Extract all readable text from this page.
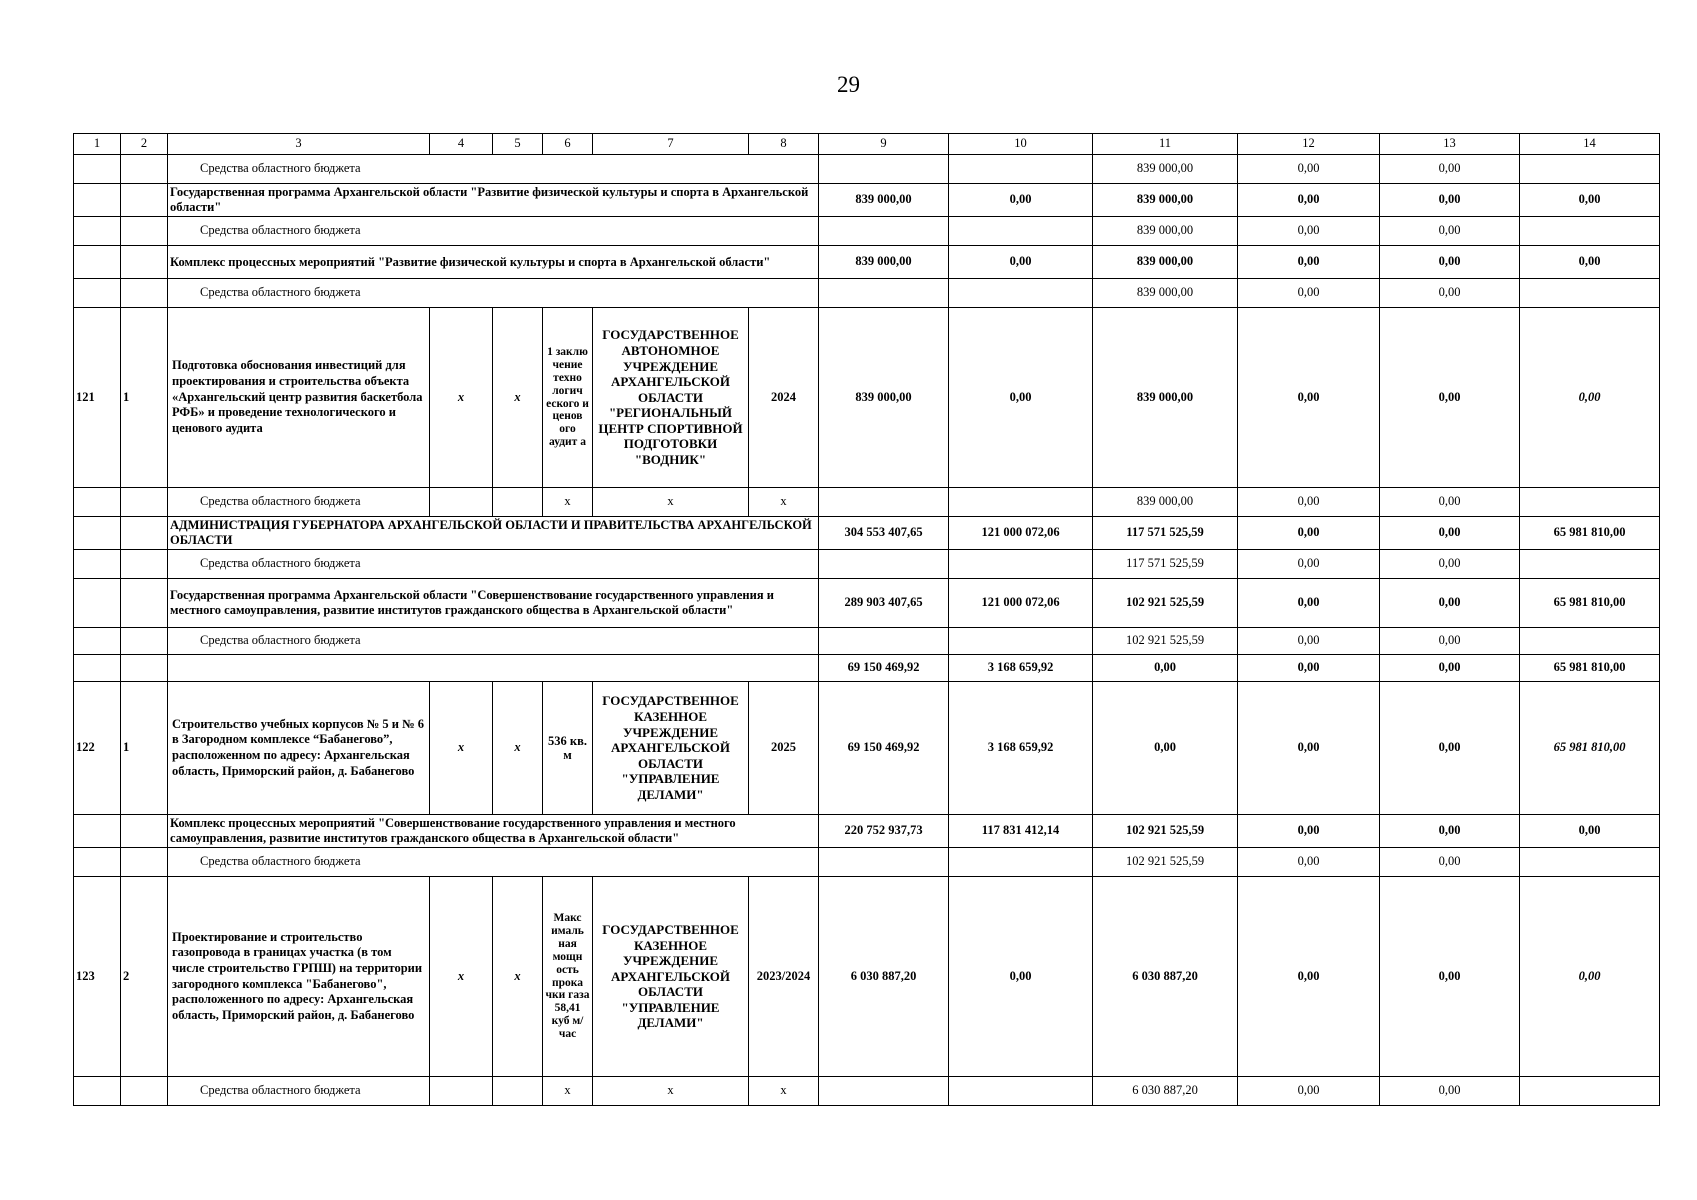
29
1	2	3	4	5	6	7	8	9	10	11	12	13	14
		Средства областного бюджета								839 000,00	0,00	0,00	
		Государственная программа Архангельской области "Развитие физической культуры и спорта в Архангельской области"						839 000,00	0,00	839 000,00	0,00	0,00	0,00
		Средства областного бюджета								839 000,00	0,00	0,00	
		Комплекс процессных мероприятий "Развитие физической культуры и спорта в Архангельской области"						839 000,00	0,00	839 000,00	0,00	0,00	0,00
		Средства областного бюджета								839 000,00	0,00	0,00	
121	1	Подготовка обоснования инвестиций для проектирования и строительства объекта «Архангельский центр развития баскетбола РФБ» и проведение технологического и ценового аудита	x	x	1 заклю чение техно логич еского и ценов ого аудит а	ГОСУДАРСТВЕННОЕ АВТОНОМНОЕ УЧРЕЖДЕНИЕ АРХАНГЕЛЬСКОЙ ОБЛАСТИ "РЕГИОНАЛЬНЫЙ ЦЕНТР СПОРТИВНОЙ ПОДГОТОВКИ "ВОДНИК"	2024	839 000,00	0,00	839 000,00	0,00	0,00	0,00
		Средства областного бюджета			x	x	x			839 000,00	0,00	0,00	
		АДМИНИСТРАЦИЯ ГУБЕРНАТОРА АРХАНГЕЛЬСКОЙ ОБЛАСТИ И ПРАВИТЕЛЬСТВА АРХАНГЕЛЬСКОЙ ОБЛАСТИ						304 553 407,65	121 000 072,06	117 571 525,59	0,00	0,00	65 981 810,00
		Средства областного бюджета								117 571 525,59	0,00	0,00	
		Государственная программа Архангельской области "Совершенствование государственного управления и местного самоуправления, развитие институтов гражданского общества в Архангельской области"						289 903 407,65	121 000 072,06	102 921 525,59	0,00	0,00	65 981 810,00
		Средства областного бюджета								102 921 525,59	0,00	0,00	
								69 150 469,92	3 168 659,92	0,00	0,00	0,00	65 981 810,00
122	1	Строительство учебных корпусов № 5 и № 6 в Загородном комплексе “Бабанегово”, расположенном по адресу: Архангельская область, Приморский район, д. Бабанегово	x	x	536 кв. м	ГОСУДАРСТВЕННОЕ КАЗЕННОЕ УЧРЕЖДЕНИЕ АРХАНГЕЛЬСКОЙ ОБЛАСТИ "УПРАВЛЕНИЕ ДЕЛАМИ"	2025	69 150 469,92	3 168 659,92	0,00	0,00	0,00	65 981 810,00
		Комплекс процессных мероприятий "Совершенствование государственного управления и местного самоуправления, развитие институтов гражданского общества в Архангельской области"						220 752 937,73	117 831 412,14	102 921 525,59	0,00	0,00	0,00
		Средства областного бюджета								102 921 525,59	0,00	0,00	
123	2	Проектирование и строительство газопровода в границах участка (в том числе строительство ГРПШ) на территории загородного комплекса "Бабанегово", расположенного по адресу: Архангельская область, Приморский район, д. Бабанегово	x	x	Макс ималь ная мощн ость прока чки газа 58,41 куб м/час	ГОСУДАРСТВЕННОЕ КАЗЕННОЕ УЧРЕЖДЕНИЕ АРХАНГЕЛЬСКОЙ ОБЛАСТИ "УПРАВЛЕНИЕ ДЕЛАМИ"	2023/2024	6 030 887,20	0,00	6 030 887,20	0,00	0,00	0,00
		Средства областного бюджета			x	x	x			6 030 887,20	0,00	0,00	
